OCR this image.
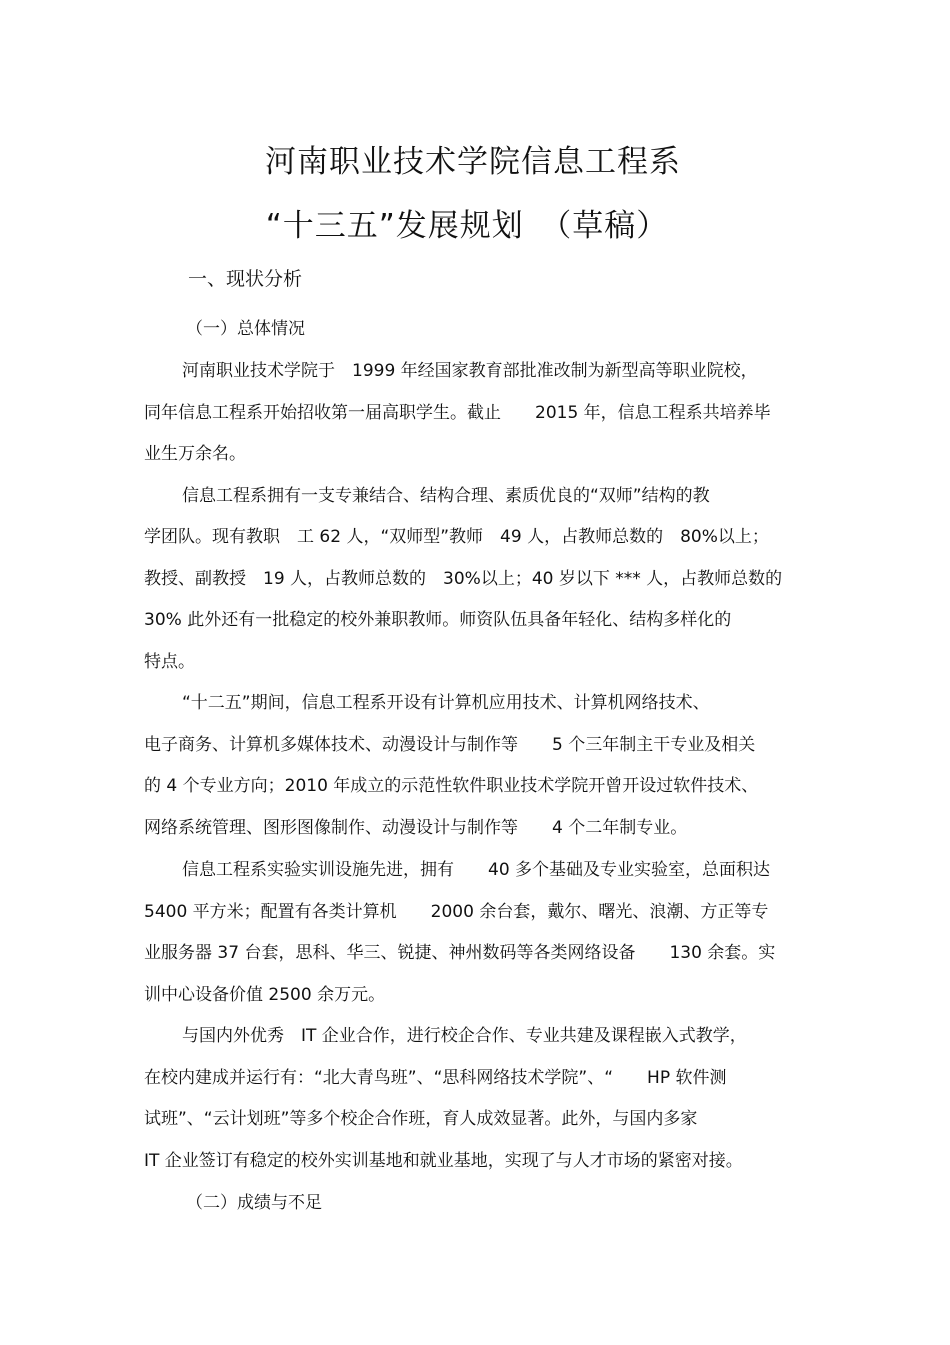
河南职业技术学院信息工程系
“十三五”发展规划　（草稿）
一、现状分析
（一）总体情况
河南职业技术学院于　1999 年经国家教育部批准改制为新型高等职业院校，
同年信息工程系开始招收第一届高职学生。截止　　2015 年，信息工程系共培养毕
业生万余名。
信息工程系拥有一支专兼结合、结构合理、素质优良的“双师”结构的教
学团队。现有教职　工 62 人，“双师型”教师　49 人，占教师总数的　80%以上；
教授、副教授　19 人，占教师总数的　30%以上；40 岁以下 *** 人，占教师总数的
30% 此外还有一批稳定的校外兼职教师。师资队伍具备年轻化、结构多样化的
特点。
“十二五”期间，信息工程系开设有计算机应用技术、计算机网络技术、
电子商务、计算机多媒体技术、动漫设计与制作等　　5 个三年制主干专业及相关
的 4 个专业方向；2010 年成立的示范性软件职业技术学院开曾开设过软件技术、
网络系统管理、图形图像制作、动漫设计与制作等　　4 个二年制专业。
信息工程系实验实训设施先进，拥有　　40 多个基础及专业实验室，总面积达
5400 平方米；配置有各类计算机　　2000 余台套，戴尔、曙光、浪潮、方正等专
业服务器 37 台套，思科、华三、锐捷、神州数码等各类网络设备　　130 余套。实
训中心设备价值 2500 余万元。
与国内外优秀　IT 企业合作，进行校企合作、专业共建及课程嵌入式教学，
在校内建成并运行有：“北大青鸟班”、“思科网络技术学院”、“　　HP 软件测
试班”、“云计划班”等多个校企合作班，育人成效显著。此外，与国内多家
IT 企业签订有稳定的校外实训基地和就业基地，实现了与人才市场的紧密对接。
（二）成绩与不足
